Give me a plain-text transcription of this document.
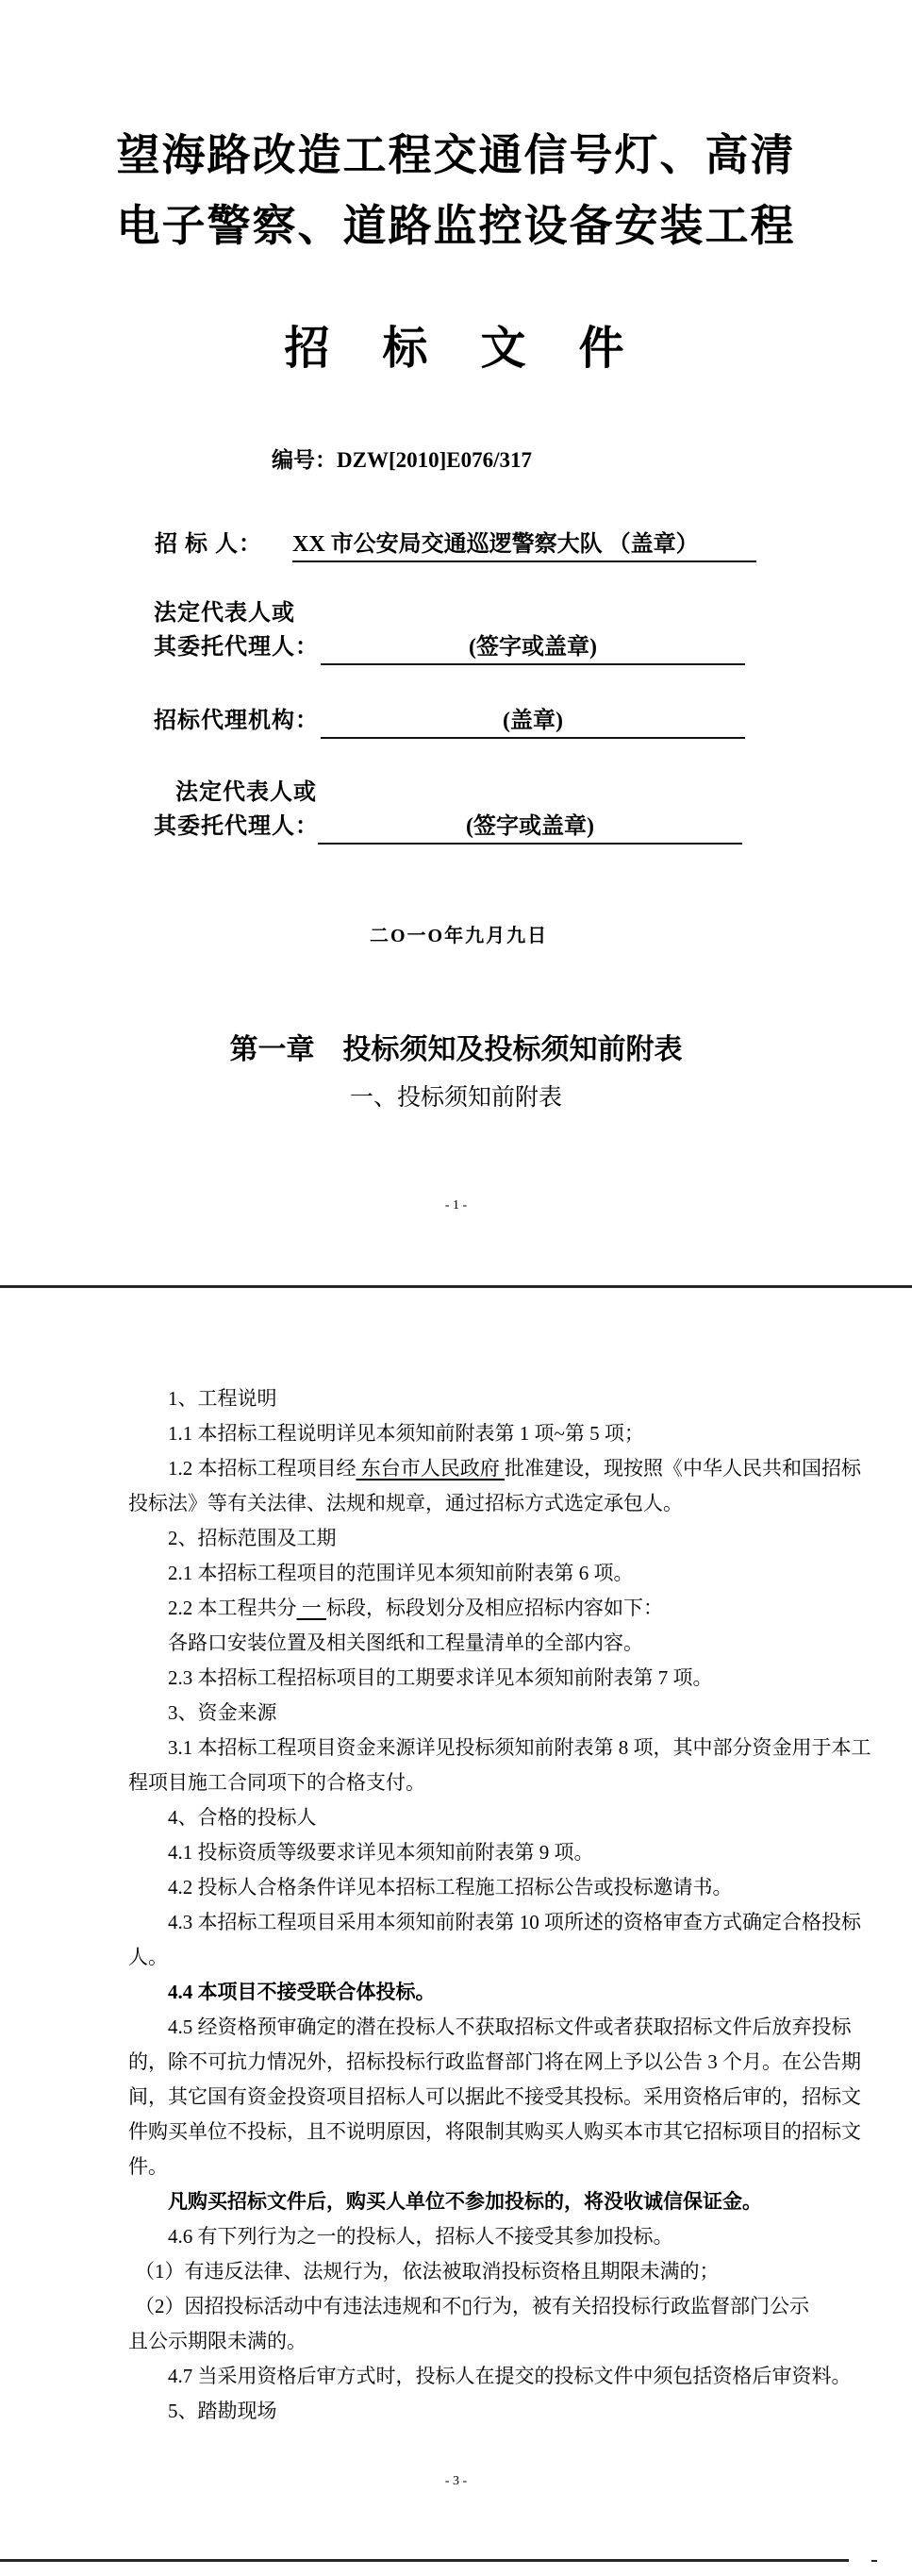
望海路改造工程交通信号灯、高清
电子警察、道路监控设备安装工程
招　标　文　件
编号：DZW[2010]E076/317
招 标 人： XX 市公安局交通巡逻警察大队 （盖章）
法定代表人或
其委托代理人：	(签字或盖章)
招标代理机构：	(盖章)
法定代表人或
其委托代理人：	(签字或盖章)
二O一O年九月九日
第一章　投标须知及投标须知前附表
一、投标须知前附表
- 1 -
1、工程说明
1.1 本招标工程说明详见本须知前附表第 1 项~第 5 项；
1.2 本招标工程项目经 东台市人民政府 批准建设，现按照《中华人民共和国招标
投标法》等有关法律、法规和规章，通过招标方式选定承包人。
2、招标范围及工期
2.1 本招标工程项目的范围详见本须知前附表第 6 项。
2.2 本工程共分 一 标段，标段划分及相应招标内容如下：
各路口安装位置及相关图纸和工程量清单的全部内容。
2.3 本招标工程招标项目的工期要求详见本须知前附表第 7 项。
3、资金来源
3.1 本招标工程项目资金来源详见投标须知前附表第 8 项，其中部分资金用于本工
程项目施工合同项下的合格支付。
4、合格的投标人
4.1 投标资质等级要求详见本须知前附表第 9 项。
4.2 投标人合格条件详见本招标工程施工招标公告或投标邀请书。
4.3 本招标工程项目采用本须知前附表第 10 项所述的资格审查方式确定合格投标
人。
4.4 本项目不接受联合体投标。
4.5 经资格预审确定的潜在投标人不获取招标文件或者获取招标文件后放弃投标
的，除不可抗力情况外，招标投标行政监督部门将在网上予以公告 3 个月。在公告期
间，其它国有资金投资项目招标人可以据此不接受其投标。采用资格后审的，招标文
件购买单位不投标，且不说明原因，将限制其购买人购买本市其它招标项目的招标文
件。
凡购买招标文件后，购买人单位不参加投标的，将没收诚信保证金。
4.6 有下列行为之一的投标人，招标人不接受其参加投标。
（1）有违反法律、法规行为，依法被取消投标资格且期限未满的；
（2）因招投标活动中有违法违规和不▯行为，被有关招投标行政监督部门公示
且公示期限未满的。
4.7 当采用资格后审方式时，投标人在提交的投标文件中须包括资格后审资料。
5、踏勘现场
- 3 -
